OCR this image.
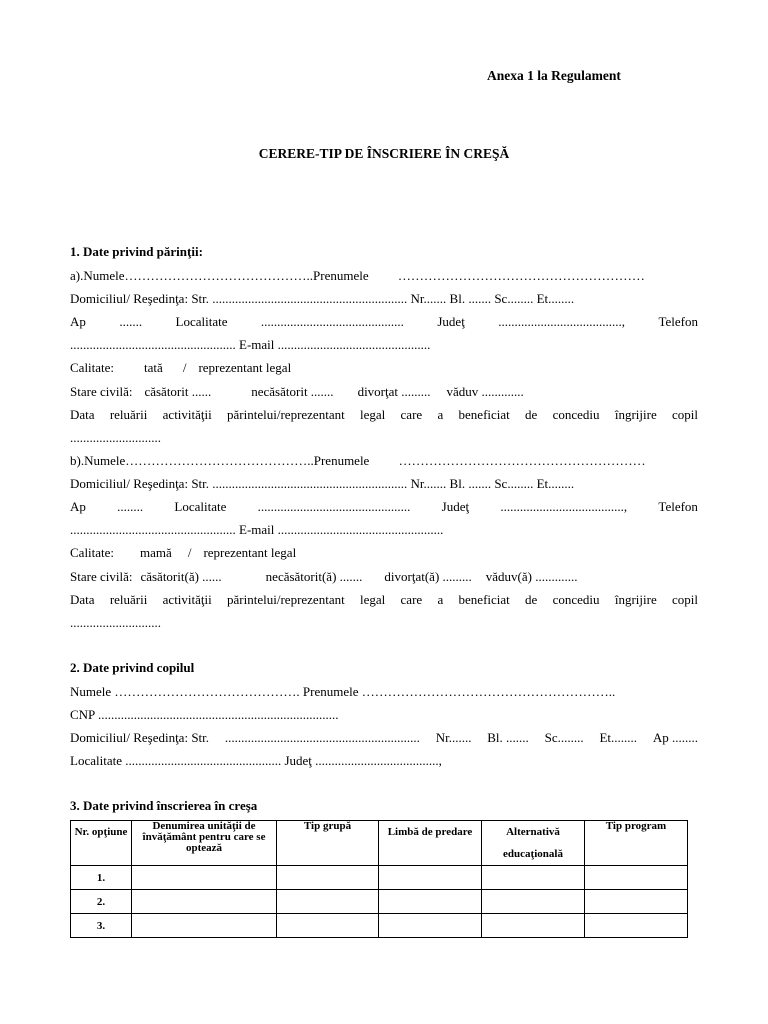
Anexa 1 la Regulament
CERERE-TIP DE ÎNSCRIERE ÎN CREŞĂ
1. Date privind părinţii:
a).Numele……………………………………..Prenumele …………………………………………………
Domiciliul/ Reşedinţa: Str. ............................................................ Nr....... Bl. ....... Sc........ Et........
Ap	.......	Localitate	............................................	Judeţ	......................................,	Telefon
................................................... E-mail ...............................................
Calitate: tată / reprezentant legal
Stare civilă: căsătorit ......	necăsătorit ....... divorţat ......... văduv .............
Data reluării activităţii părintelui/reprezentant legal care a beneficiat de concediu îngrijire copil
............................
b).Numele……………………………………..Prenumele …………………………………………………
Domiciliul/ Reşedinţa: Str. ............................................................ Nr....... Bl. ....... Sc........ Et........
Ap ........ Localitate ............................................... Judeţ ......................................, Telefon
................................................... E-mail ...................................................
Calitate: mamă / reprezentant legal
Stare civilă: căsătorit(ă) ......	necăsătorit(ă) ....... divorţat(ă) ......... văduv(ă) .............
Data reluării activităţii părintelui/reprezentant legal care a beneficiat de concediu îngrijire copil
............................
2. Date privind copilul
Numele ……………………………………. Prenumele …………………………………………………..
CNP ..........................................................................
Domiciliul/ Reşedinţa: Str. ............................................................ Nr....... Bl. ....... Sc........ Et........ Ap ........
Localitate ................................................ Judeţ ......................................,
3. Date privind înscrierea în creşa
Nr. opţiune	Denumirea unităţii de învăţământ pentru care se optează	Tip grupă	Limbă de predare	Alternativă educaţională	Tip program
1.					
2.					
3.					
